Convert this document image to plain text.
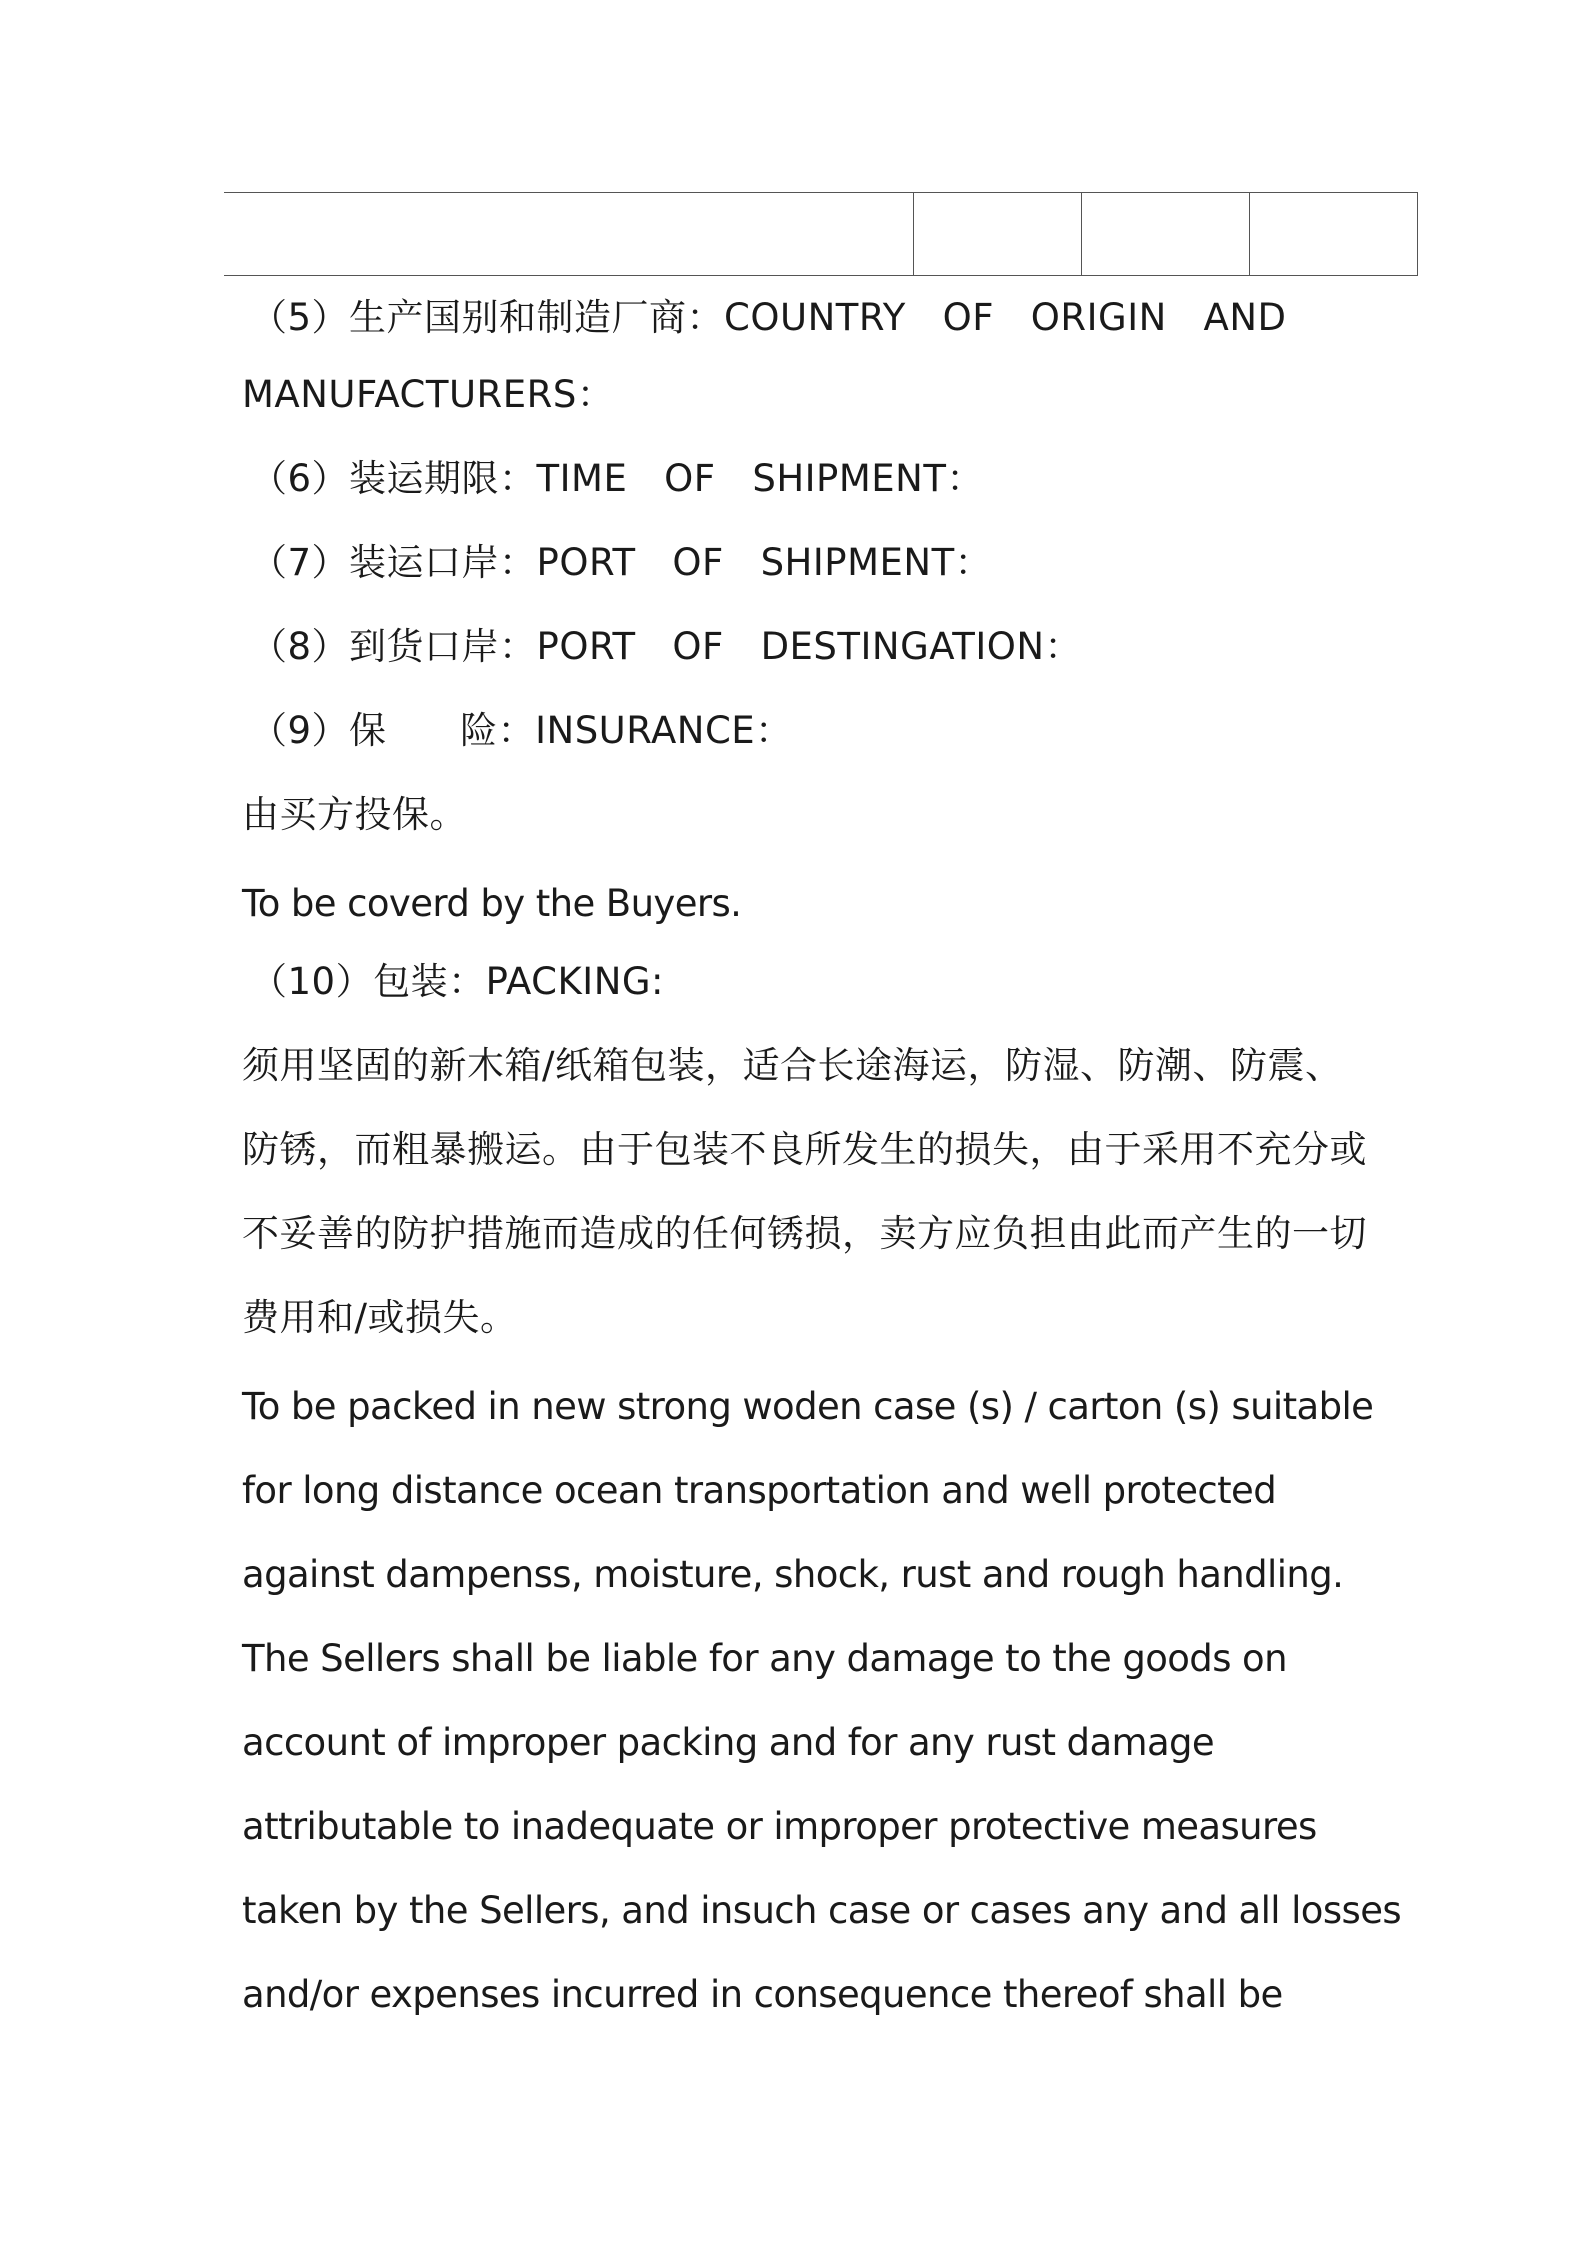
（5）生产国别和制造厂商：COUNTRY   OF   ORIGIN   AND
MANUFACTURERS：
（6）装运期限：TIME   OF   SHIPMENT：
（7）装运口岸：PORT   OF   SHIPMENT：
（8）到货口岸：PORT   OF   DESTINGATION：
（9）保      险：INSURANCE：
由买方投保。
To be coverd by the Buyers.
（10）包装：PACKING:
须用坚固的新木箱/纸箱包装，适合长途海运，防湿、防潮、防震、
防锈，而粗暴搬运。由于包装不良所发生的损失，由于采用不充分或
不妥善的防护措施而造成的任何锈损，卖方应负担由此而产生的一切
费用和/或损失。
To be packed in new strong woden case (s) / carton (s) suitable
for long distance ocean transportation and well protected
against dampenss, moisture, shock, rust and rough handling.
The Sellers shall be liable for any damage to the goods on
account of improper packing and for any rust damage
attributable to inadequate or improper protective measures
taken by the Sellers, and insuch case or cases any and all losses
and/or expenses incurred in consequence thereof shall be
